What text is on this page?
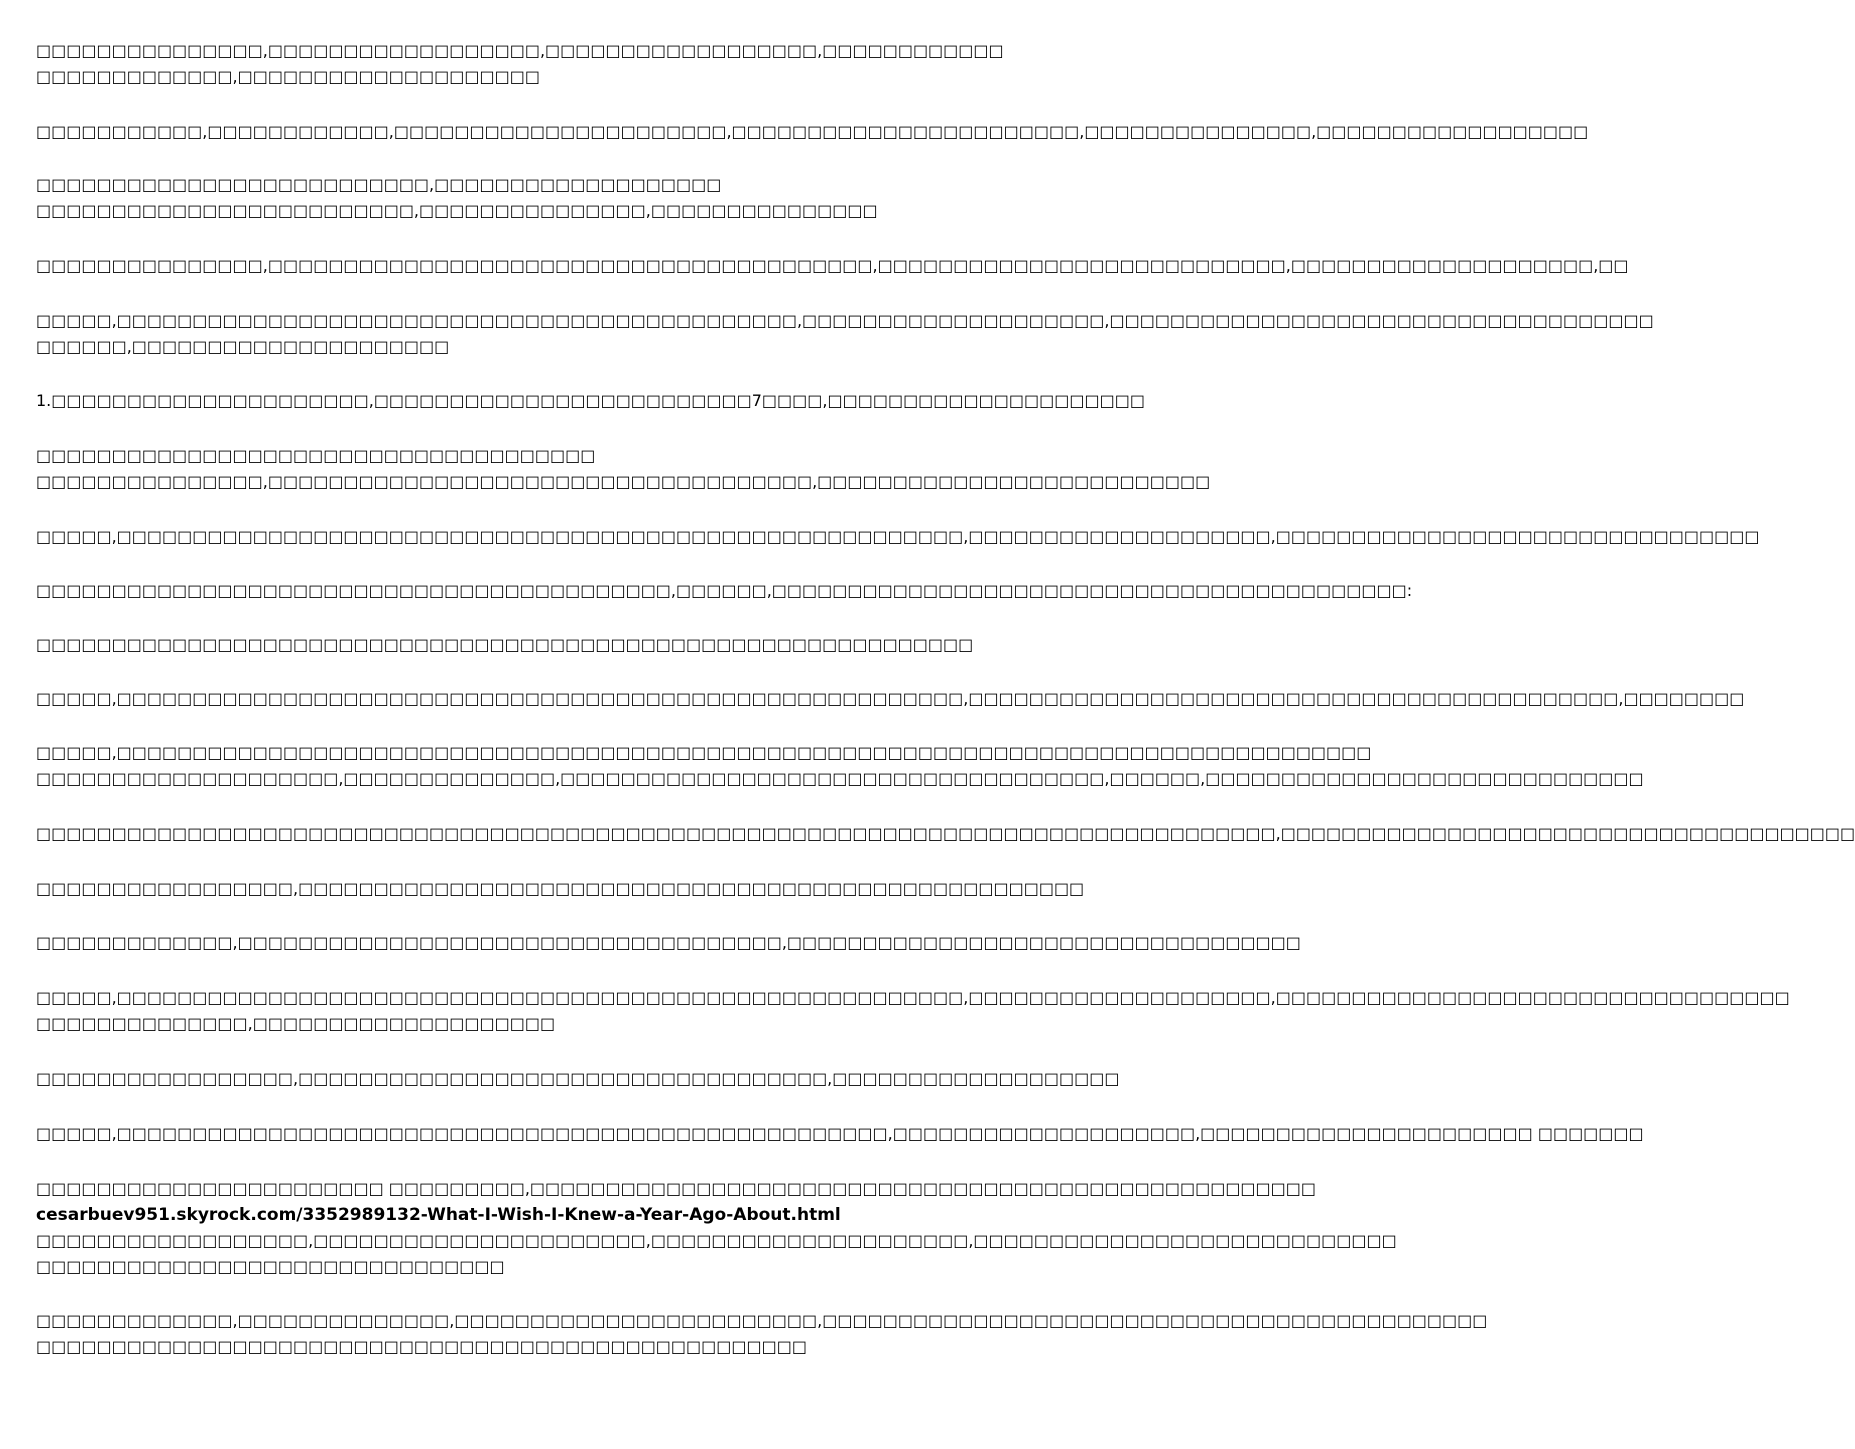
□□□□□□□□□□□□□□□,□□□□□□□□□□□□□□□□□□,□□□□□□□□□□□□□□□□□□,□□□□□□□□□□□□
□□□□□□□□□□□□□,□□□□□□□□□□□□□□□□□□□□
□□□□□□□□□□□,□□□□□□□□□□□□,□□□□□□□□□□□□□□□□□□□□□□,□□□□□□□□□□□□□□□□□□□□□□□,□□□□□□□□□□□□□□□,□□□□□□□□□□□□□□□□□□
□□□□□□□□□□□□□□□□□□□□□□□□□□,□□□□□□□□□□□□□□□□□□□
□□□□□□□□□□□□□□□□□□□□□□□□□,□□□□□□□□□□□□□□□,□□□□□□□□□□□□□□□
□□□□□□□□□□□□□□□,□□□□□□□□□□□□□□□□□□□□□□□□□□□□□□□□□□□□□□□□,□□□□□□□□□□□□□□□□□□□□□□□□□□□,□□□□□□□□□□□□□□□□□□□□,□□
□□□□□,□□□□□□□□□□□□□□□□□□□□□□□□□□□□□□□□□□□□□□□□□□□□□,□□□□□□□□□□□□□□□□□□□□,□□□□□□□□□□□□□□□□□□□□□□□□□□□□□□□□□□□□
□□□□□□,□□□□□□□□□□□□□□□□□□□□□
1.□□□□□□□□□□□□□□□□□□□□□,□□□□□□□□□□□□□□□□□□□□□□□□□7□□□□,□□□□□□□□□□□□□□□□□□□□□
□□□□□□□□□□□□□□□□□□□□□□□□□□□□□□□□□□□□□
□□□□□□□□□□□□□□□,□□□□□□□□□□□□□□□□□□□□□□□□□□□□□□□□□□□□,□□□□□□□□□□□□□□□□□□□□□□□□□□
□□□□□,□□□□□□□□□□□□□□□□□□□□□□□□□□□□□□□□□□□□□□□□□□□□□□□□□□□□□□□□,□□□□□□□□□□□□□□□□□□□□,□□□□□□□□□□□□□□□□□□□□□□□□□□□□□□□□
□□□□□□□□□□□□□□□□□□□□□□□□□□□□□□□□□□□□□□□□□□,□□□□□□,□□□□□□□□□□□□□□□□□□□□□□□□□□□□□□□□□□□□□□□□□□:
□□□□□□□□□□□□□□□□□□□□□□□□□□□□□□□□□□□□□□□□□□□□□□□□□□□□□□□□□□□□□□
□□□□□,□□□□□□□□□□□□□□□□□□□□□□□□□□□□□□□□□□□□□□□□□□□□□□□□□□□□□□□□,□□□□□□□□□□□□□□□□□□□□□□□□□□□□□□□□□□□□□□□□□□□,□□□□□□□□
□□□□□,□□□□□□□□□□□□□□□□□□□□□□□□□□□□□□□□□□□□□□□□□□□□□□□□□□□□□□□□□□□□□□□□□□□□□□□□□□□□□□□□□□□
□□□□□□□□□□□□□□□□□□□□,□□□□□□□□□□□□□□,□□□□□□□□□□□□□□□□□□□□□□□□□□□□□□□□□□□□,□□□□□□,□□□□□□□□□□□□□□□□□□□□□□□□□□□□□
□□□□□□□□□□□□□□□□□□□□□□□□□□□□□□□□□□□□□□□□□□□□□□□□□□□□□□□□□□□□□□□□□□□□□□□□□□□□□□□□□□,□□□□□□□□□□□□□□□□□□□□□□□□□□□□□□□□□□□□□□
□□□□□□□□□□□□□□□□□,□□□□□□□□□□□□□□□□□□□□□□□□□□□□□□□□□□□□□□□□□□□□□□□□□□□□
□□□□□□□□□□□□□,□□□□□□□□□□□□□□□□□□□□□□□□□□□□□□□□□□□□,□□□□□□□□□□□□□□□□□□□□□□□□□□□□□□□□□□
□□□□□,□□□□□□□□□□□□□□□□□□□□□□□□□□□□□□□□□□□□□□□□□□□□□□□□□□□□□□□□,□□□□□□□□□□□□□□□□□□□□,□□□□□□□□□□□□□□□□□□□□□□□□□□□□□□□□□□
□□□□□□□□□□□□□□,□□□□□□□□□□□□□□□□□□□□
□□□□□□□□□□□□□□□□□,□□□□□□□□□□□□□□□□□□□□□□□□□□□□□□□□□□□,□□□□□□□□□□□□□□□□□□□
□□□□□,□□□□□□□□□□□□□□□□□□□□□□□□□□□□□□□□□□□□□□□□□□□□□□□□□□□,□□□□□□□□□□□□□□□□□□□□,□□□□□□□□□□□□□□□□□□□□□□ □□□□□□□
□□□□□□□□□□□□□□□□□□□□□□□ □□□□□□□□□,□□□□□□□□□□□□□□□□□□□□□□□□□□□□□□□□□□□□□□□□□□□□□□□□□□□□
cesarbuev951.skyrock.com/3352989132-What-I-Wish-I-Knew-a-Year-Ago-About.html
□□□□□□□□□□□□□□□□□□,□□□□□□□□□□□□□□□□□□□□□□,□□□□□□□□□□□□□□□□□□□□□,□□□□□□□□□□□□□□□□□□□□□□□□□□□□
□□□□□□□□□□□□□□□□□□□□□□□□□□□□□□□
□□□□□□□□□□□□□,□□□□□□□□□□□□□□,□□□□□□□□□□□□□□□□□□□□□□□□,□□□□□□□□□□□□□□□□□□□□□□□□□□□□□□□□□□□□□□□□□□□□
□□□□□□□□□□□□□□□□□□□□□□□□□□□□□□□□□□□□□□□□□□□□□□□□□□□
